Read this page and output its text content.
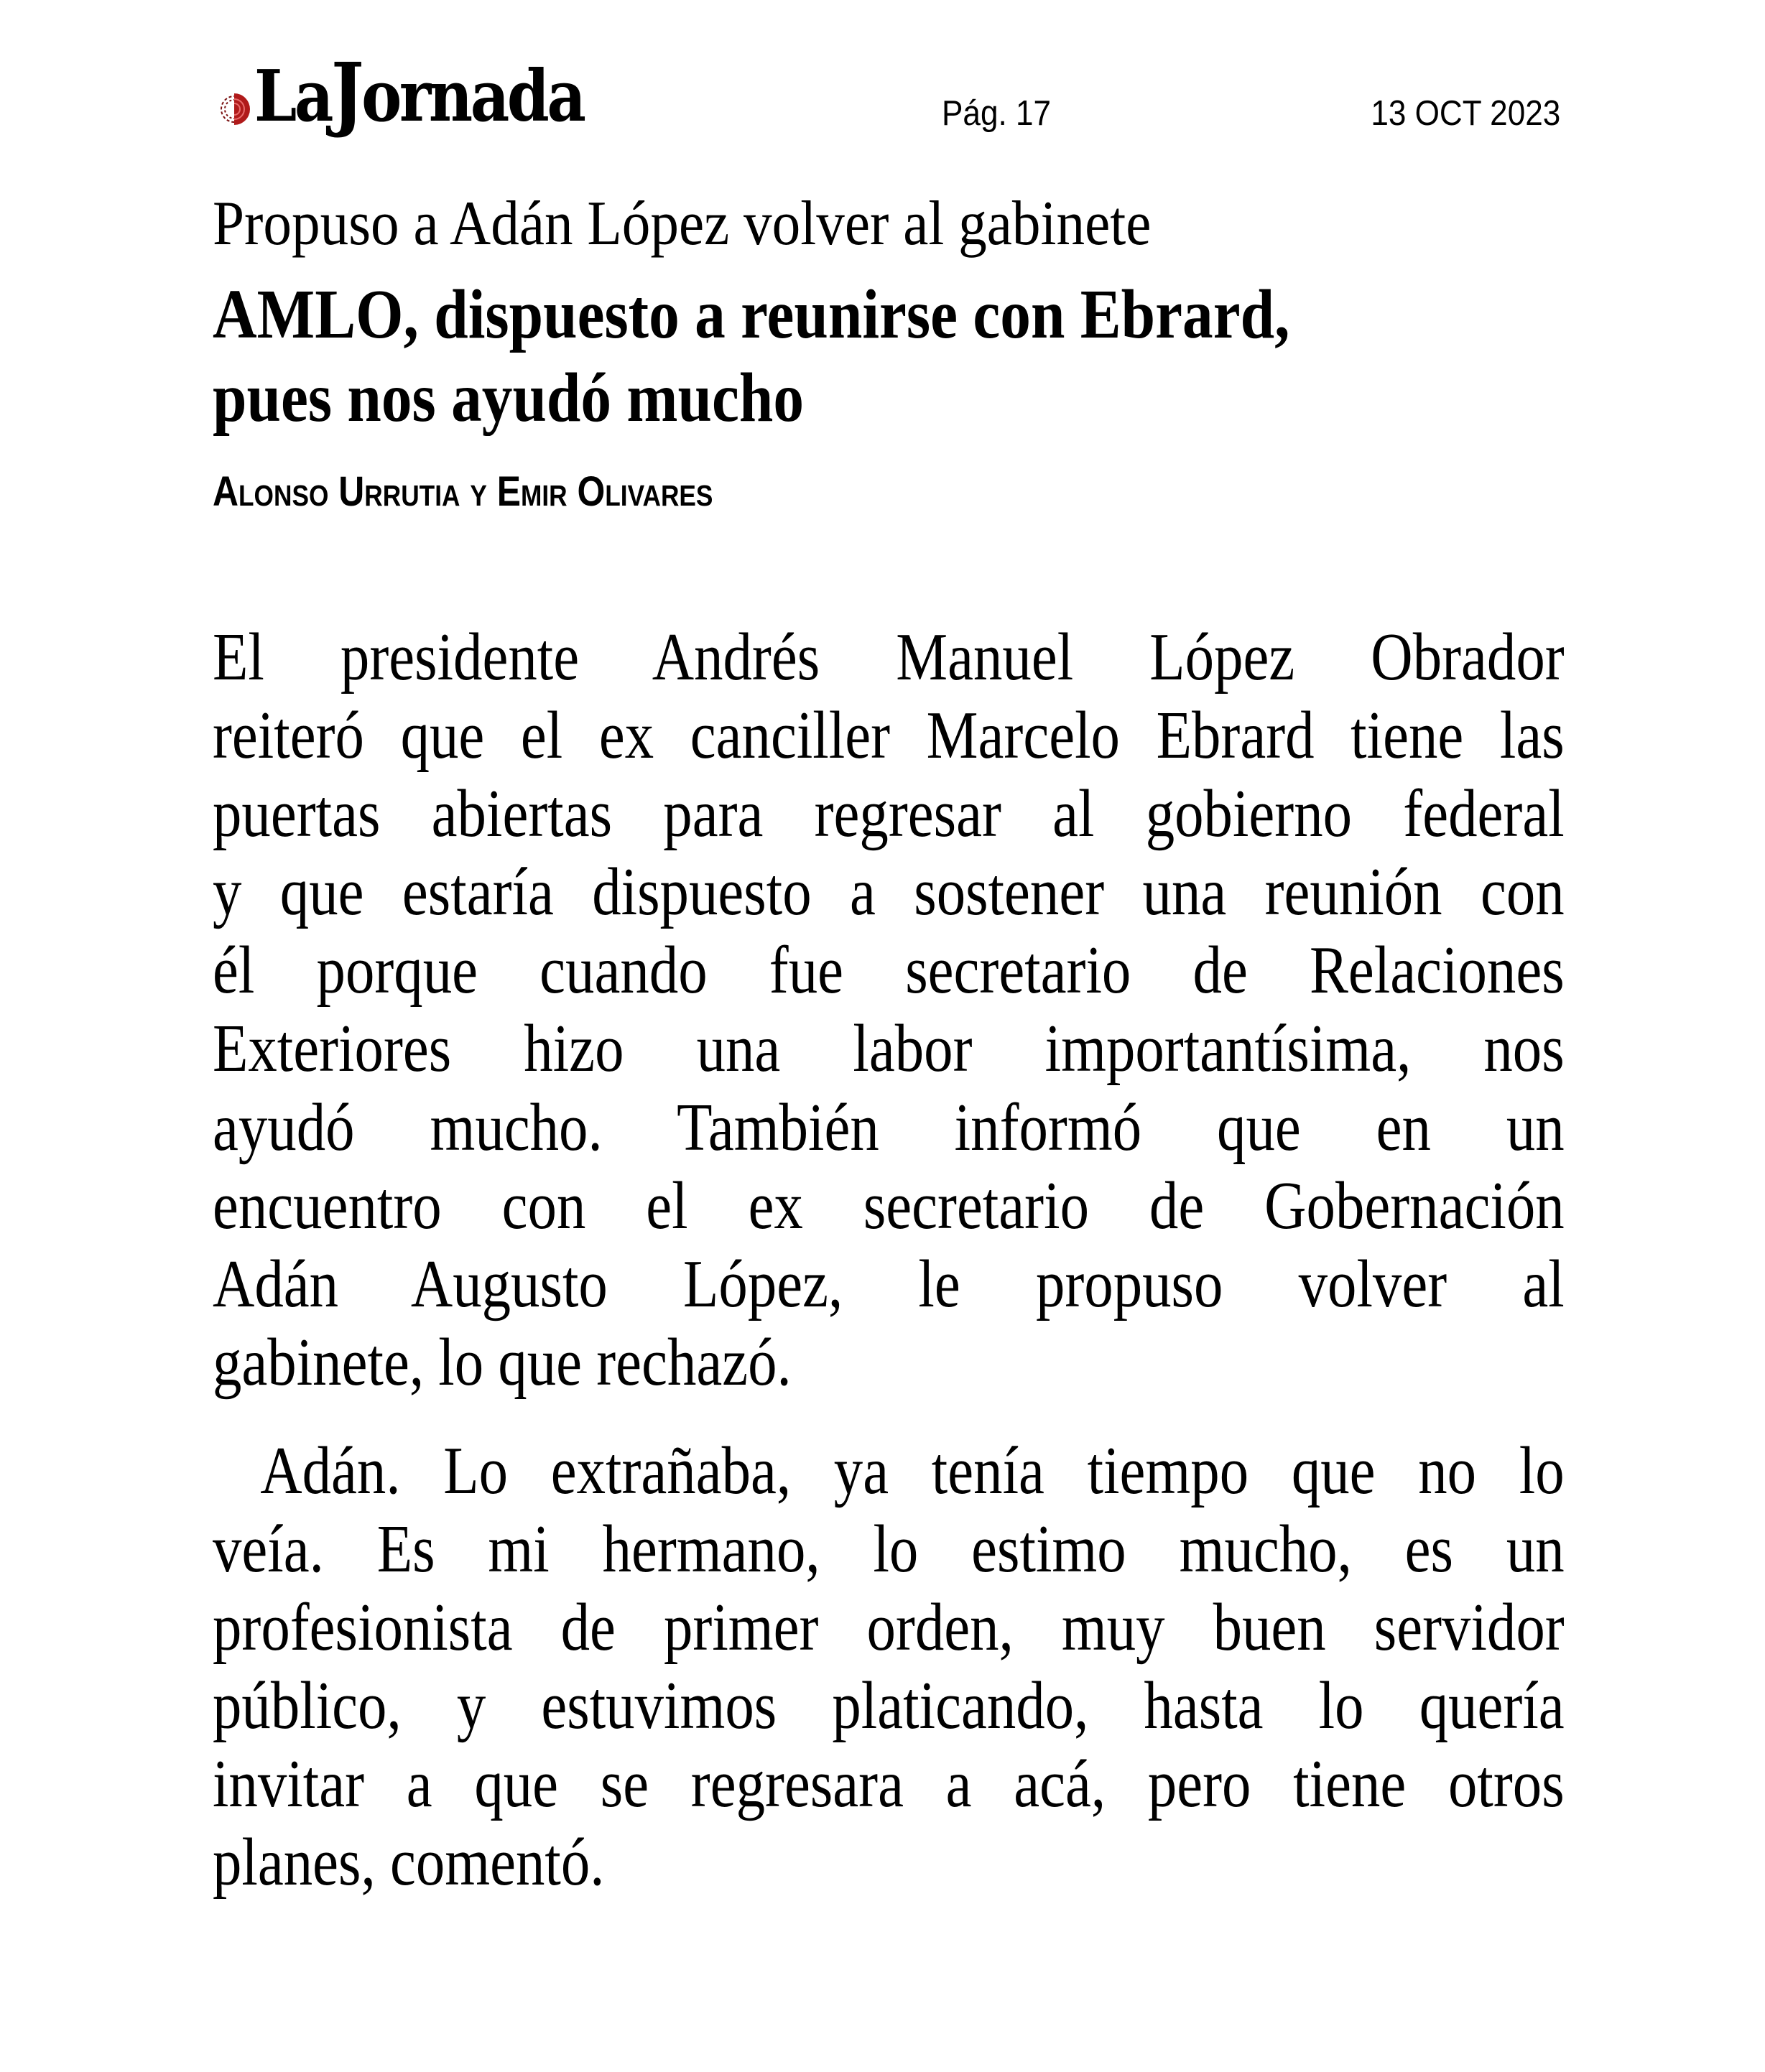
LaJornada	Pág. 17	13 OCT 2023
Propuso a Adán López volver al gabinete
AMLO, dispuesto a reunirse con Ebrard,
pues nos ayudó mucho
Alonso Urrutia y Emir Olivares
El presidente Andrés Manuel López Obrador
reiteró que el ex canciller Marcelo Ebrard tiene las
puertas abiertas para regresar al gobierno federal
y que estaría dispuesto a sostener una reunión con
él porque cuando fue secretario de Relaciones
Exteriores hizo una labor importantísima, nos
ayudó mucho. También informó que en un
encuentro con el ex secretario de Gobernación
Adán Augusto López, le propuso volver al
gabinete, lo que rechazó.
Adán. Lo extrañaba, ya tenía tiempo que no lo
veía. Es mi hermano, lo estimo mucho, es un
profesionista de primer orden, muy buen servidor
público, y estuvimos platicando, hasta lo quería
invitar a que se regresara a acá, pero tiene otros
planes, comentó.
